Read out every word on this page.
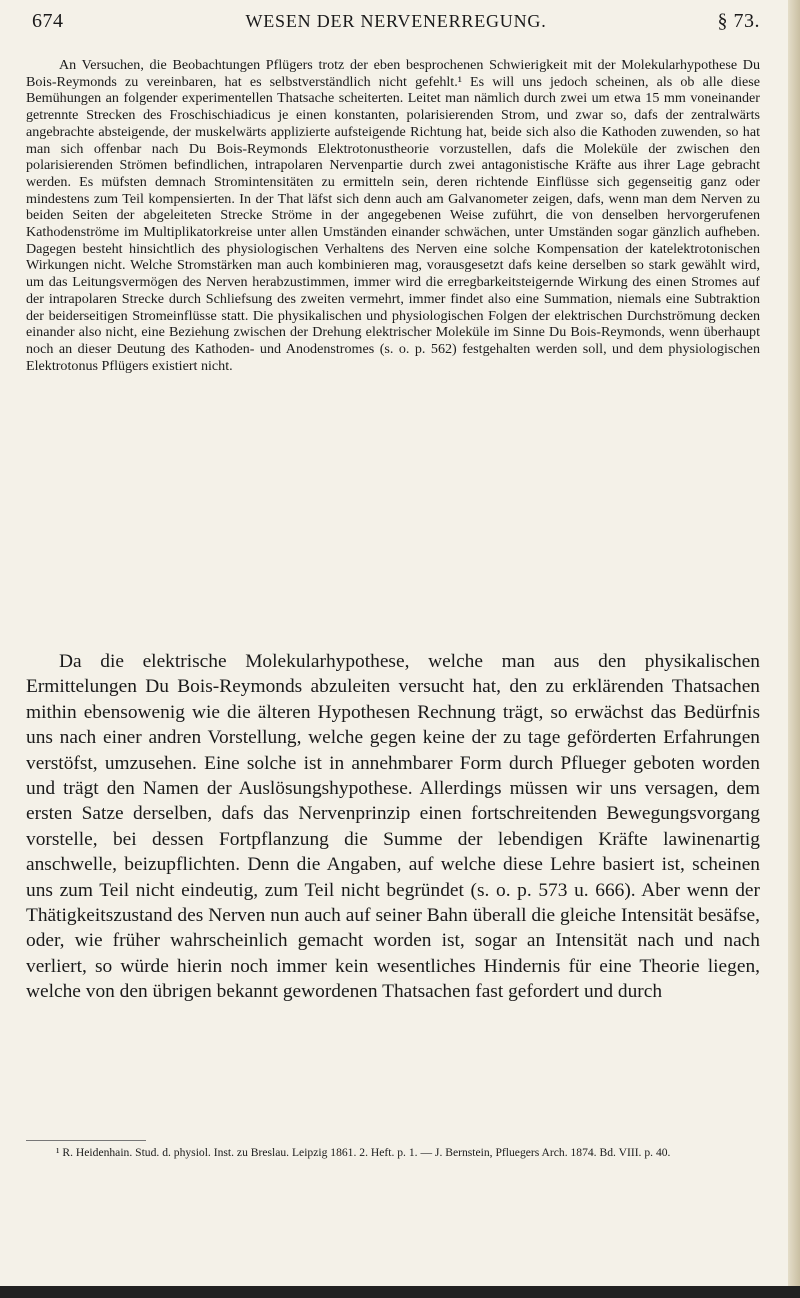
674	WESEN DER NERVENERREGUNG.	§ 73.

An Versuchen, die Beobachtungen Pflügers trotz der eben besprochenen Schwierigkeit mit der Molekularhypothese Du Bois-Reymonds zu vereinbaren, hat es selbstverständlich nicht gefehlt.¹ Es will uns jedoch scheinen, als ob alle diese Bemühungen an folgender experimentellen Thatsache scheiterten. Leitet man nämlich durch zwei um etwa 15 mm voneinander getrennte Strecken des Froschischiadicus je einen konstanten, polarisierenden Strom, und zwar so, dafs der zentralwärts angebrachte absteigende, der muskelwärts applizierte aufsteigende Richtung hat, beide sich also die Kathoden zuwenden, so hat man sich offenbar nach Du Bois-Reymonds Elektrotonustheorie vorzustellen, dafs die Moleküle der zwischen den polarisierenden Strömen befindlichen, intrapolaren Nervenpartie durch zwei antagonistische Kräfte aus ihrer Lage gebracht werden. Es müfsten demnach Stromintensitäten zu ermitteln sein, deren richtende Einflüsse sich gegenseitig ganz oder mindestens zum Teil kompensierten. In der That läfst sich denn auch am Galvanometer zeigen, dafs, wenn man dem Nerven zu beiden Seiten der abgeleiteten Strecke Ströme in der angegebenen Weise zuführt, die von denselben hervorgerufenen Kathodenströme im Multiplikatorkreise unter allen Umständen einander schwächen, unter Umständen sogar gänzlich aufheben. Dagegen besteht hinsichtlich des physiologischen Verhaltens des Nerven eine solche Kompensation der katelektrotonischen Wirkungen nicht. Welche Stromstärken man auch kombinieren mag, vorausgesetzt dafs keine derselben so stark gewählt wird, um das Leitungsvermögen des Nerven herabzustimmen, immer wird die erregbarkeitsteigernde Wirkung des einen Stromes auf der intrapolaren Strecke durch Schliefsung des zweiten vermehrt, immer findet also eine Summation, niemals eine Subtraktion der beiderseitigen Stromeinflüsse statt. Die physikalischen und physiologischen Folgen der elektrischen Durchströmung decken einander also nicht, eine Beziehung zwischen der Drehung elektrischer Moleküle im Sinne Du Bois-Reymonds, wenn überhaupt noch an dieser Deutung des Kathoden- und Anodenstromes (s. o. p. 562) festgehalten werden soll, und dem physiologischen Elektrotonus Pflügers existiert nicht.

Da die elektrische Molekularhypothese, welche man aus den physikalischen Ermittelungen Du Bois-Reymonds abzuleiten versucht hat, den zu erklärenden Thatsachen mithin ebensowenig wie die älteren Hypothesen Rechnung trägt, so erwächst das Bedürfnis uns nach einer andren Vorstellung, welche gegen keine der zu tage geförderten Erfahrungen verstöfst, umzusehen. Eine solche ist in annehmbarer Form durch Pflueger geboten worden und trägt den Namen der Auslösungshypothese. Allerdings müssen wir uns versagen, dem ersten Satze derselben, dafs das Nervenprinzip einen fortschreitenden Bewegungsvorgang vorstelle, bei dessen Fortpflanzung die Summe der lebendigen Kräfte lawinenartig anschwelle, beizupflichten. Denn die Angaben, auf welche diese Lehre basiert ist, scheinen uns zum Teil nicht eindeutig, zum Teil nicht begründet (s. o. p. 573 u. 666). Aber wenn der Thätigkeitszustand des Nerven nun auch auf seiner Bahn überall die gleiche Intensität besäfse, oder, wie früher wahrscheinlich gemacht worden ist, sogar an Intensität nach und nach verliert, so würde hierin noch immer kein wesentliches Hindernis für eine Theorie liegen, welche von den übrigen bekannt gewordenen Thatsachen fast gefordert und durch

¹ R. Heidenhain. Stud. d. physiol. Inst. zu Breslau. Leipzig 1861. 2. Heft. p. 1. — J. Bernstein, Pfluegers Arch. 1874. Bd. VIII. p. 40.
